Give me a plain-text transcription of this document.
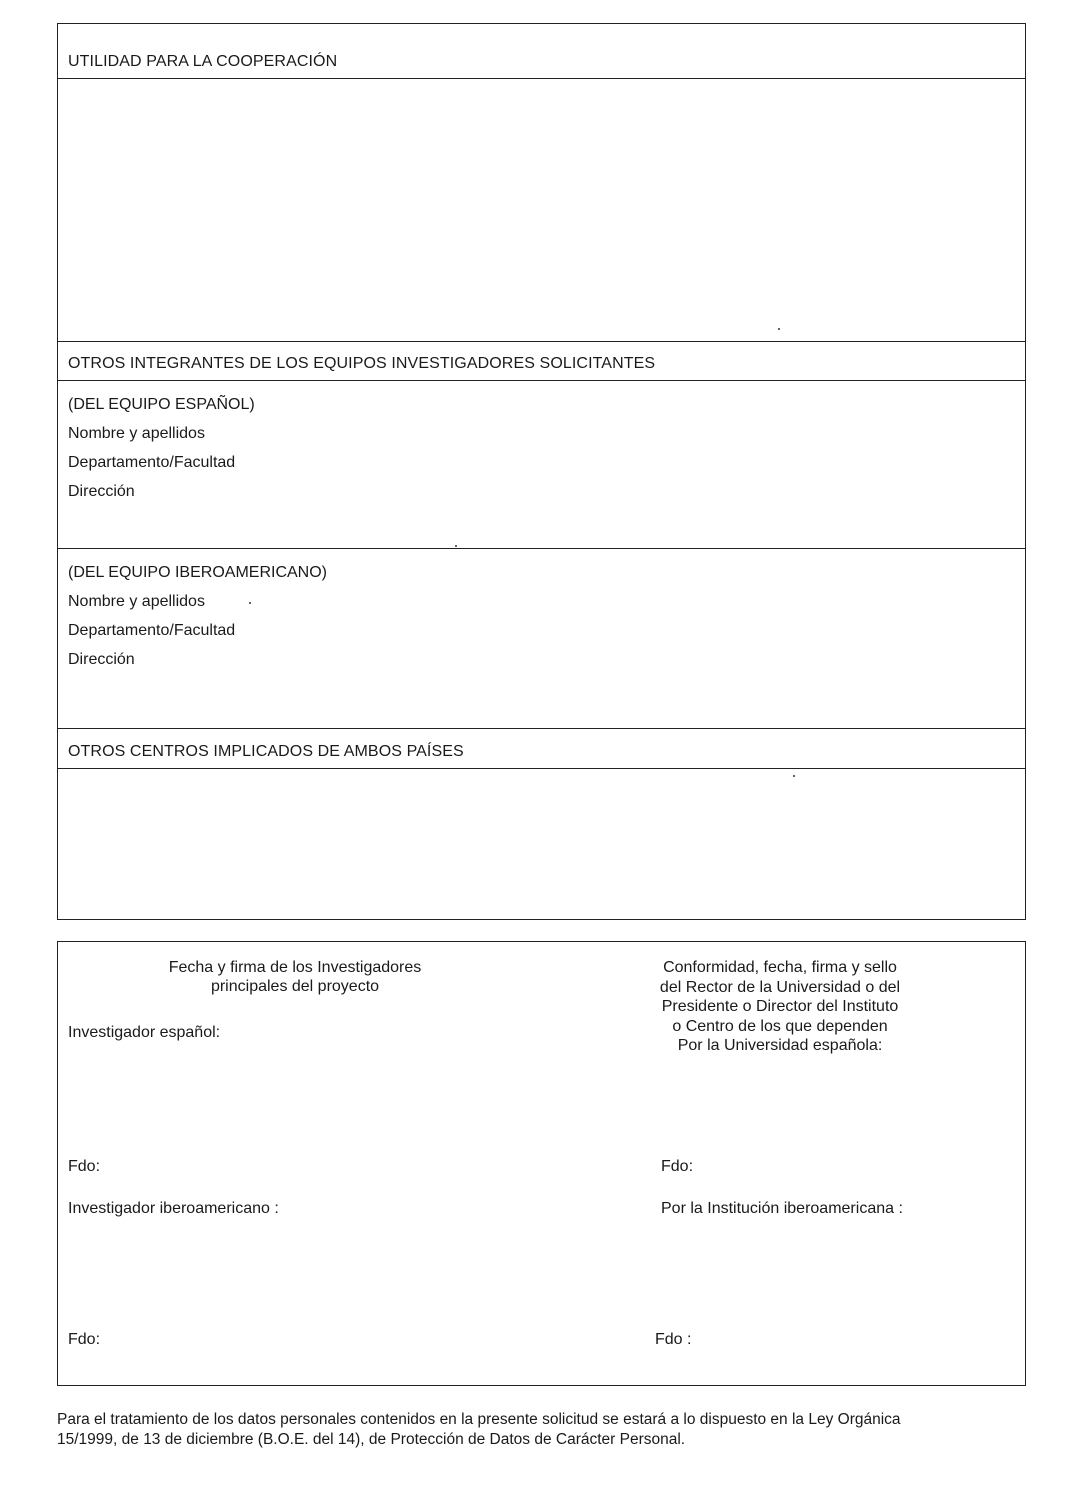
UTILIDAD PARA LA COOPERACIÓN
OTROS INTEGRANTES DE LOS EQUIPOS INVESTIGADORES SOLICITANTES
(DEL EQUIPO ESPAÑOL)
Nombre y apellidos
Departamento/Facultad
Dirección
(DEL EQUIPO IBEROAMERICANO)
Nombre y apellidos
Departamento/Facultad
Dirección
OTROS CENTROS IMPLICADOS DE AMBOS PAÍSES
Fecha y firma de los Investigadores
principales del proyecto
Conformidad, fecha, firma y sello
del Rector de la Universidad o del
Presidente o Director del Instituto
o Centro de los que dependen
Por la Universidad española:
Investigador español:
Fdo:	Fdo:
Investigador iberoamericano :	Por la Institución iberoamericana :
Fdo:	Fdo :
Para el tratamiento de los datos personales contenidos en la presente solicitud se estará a lo dispuesto en la Ley Orgánica
15/1999, de 13 de diciembre (B.O.E. del 14), de Protección de Datos de Carácter Personal.
